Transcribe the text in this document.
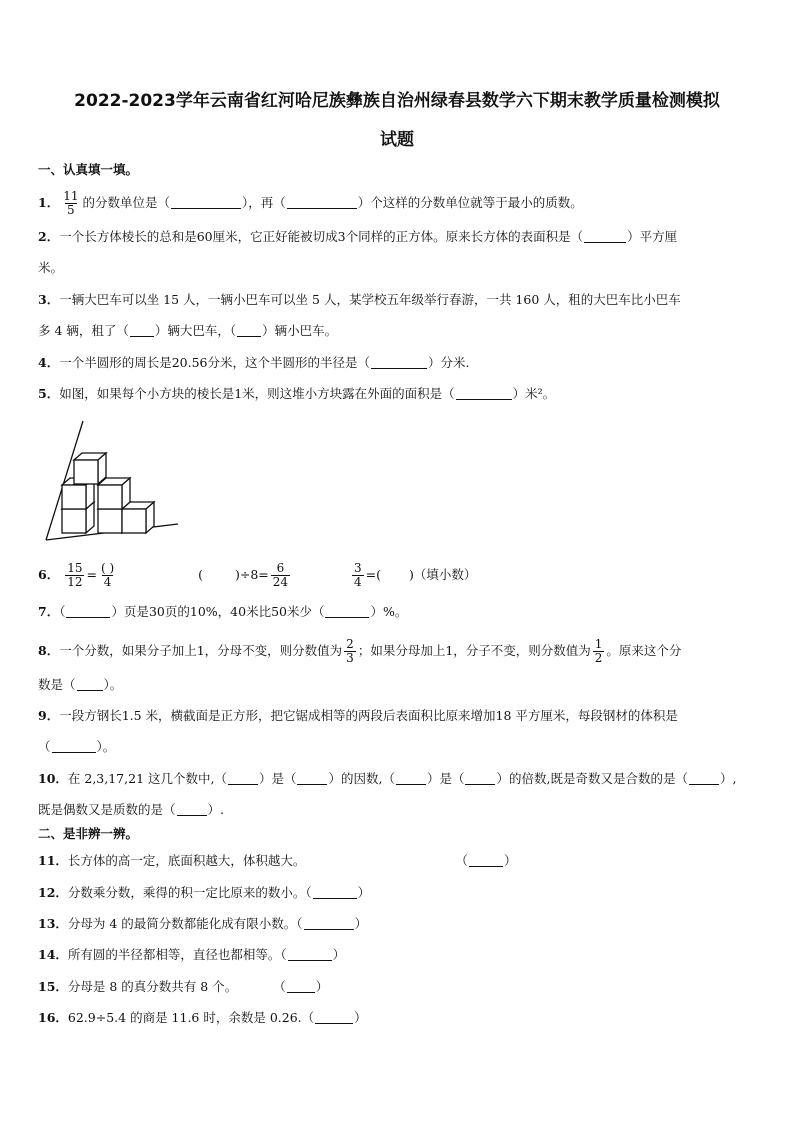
2022-2023学年云南省红河哈尼族彝族自治州绿春县数学六下期末教学质量检测模拟
试题
一、认真填一填。
1． $\frac{11}{5}$ 的分数单位是（	），再（	）个这样的分数单位就等于最小的质数。
2．一个长方体棱长的总和是60厘米，它正好能被切成3个同样的正方体。原来长方体的表面积是（	）平方厘
米。
3．一辆大巴车可以坐 15 人，一辆小巴车可以坐 5 人，某学校五年级举行春游，一共 160 人，租的大巴车比小巴车
多 4 辆，租了（ ）辆大巴车，（ ）辆小巴车。
4．一个半圆形的周长是20.56分米，这个半圆形的半径是（	）分米.
5．如图，如果每个小方块的棱长是1米，则这堆小方块露在外面的面积是（	）米²。
6． $\frac{15}{12} = \frac{( )}{4}$	(	)$\div 8= \frac{6}{24}$
	$\frac{3}{4}$ =( )（填小数）
7．（	）页是30页的10%，40米比50米少（	）%。
8．一个分数，如果分子加上1，分母不变，则分数值为 $\frac{2}{3}$ ；如果分母加上1，分子不变，则分数值为 $\frac{1}{2}$ 。原来这个分
数是（ ）。
9．一段方钢长1.5 米，横截面是正方形，把它锯成相等的两段后表面积比原来增加18 平方厘米，每段钢材的体积是
（	）。
10．在 2,3,17,21 这几个数中,（	）是（	）的因数,（	）是（	）的倍数,既是奇数又是合数的是（	）,
既是偶数又是质数的是（	）.
二、是非辨一辨。
11．长方体的高一定，底面积越大，体积越大。	（	）
12．分数乘分数，乘得的积一定比原来的数小。（	）
13．分母为 4 的最简分数都能化成有限小数。（	）
14．所有圆的半径都相等，直径也都相等。（	）
15．分母是 8 的真分数共有 8 个。	（ ）
16．62.9÷5.4 的商是 11.6 时，余数是 0.26.（	）
